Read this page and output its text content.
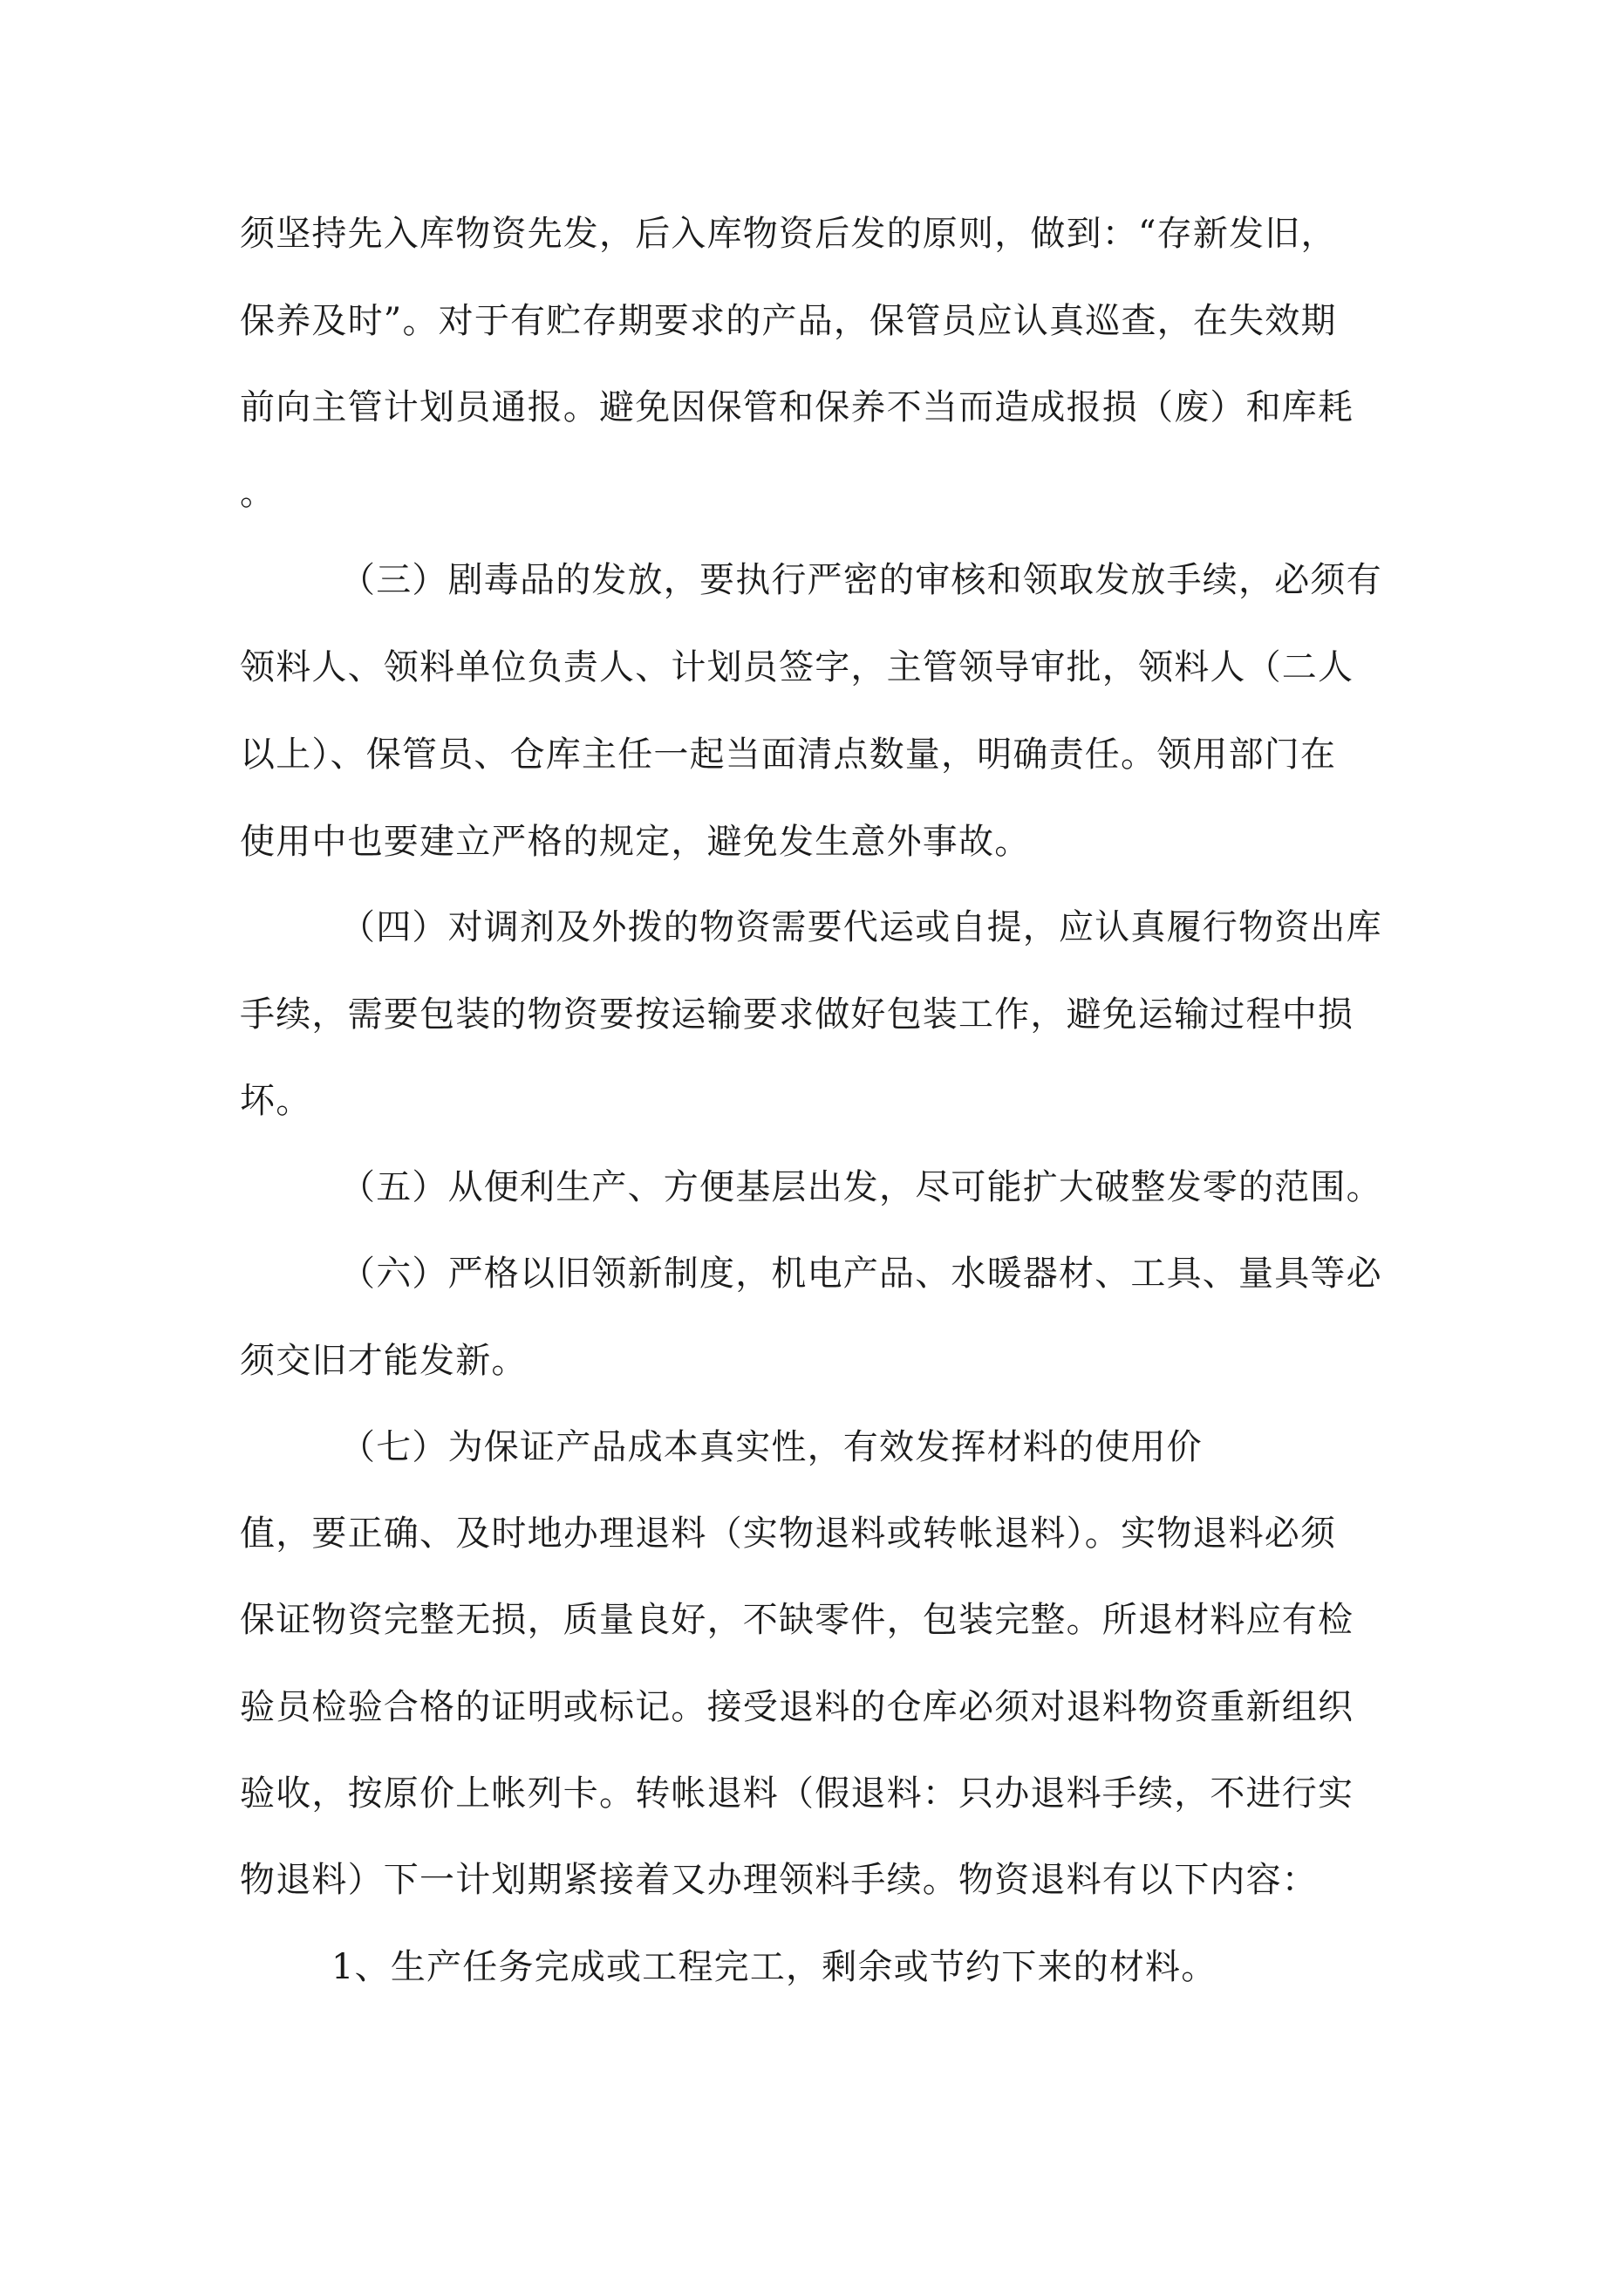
须坚持先入库物资先发，后入库物资后发的原则，做到：“存新发旧，
保养及时”。对于有贮存期要求的产品，保管员应认真巡查，在失效期
前向主管计划员通报。避免因保管和保养不当而造成报损（废）和库耗
。
（三）剧毒品的发放，要执行严密的审核和领取发放手续，必须有
领料人、领料单位负责人、计划员签字，主管领导审批，领料人（二人
以上）、保管员、仓库主任一起当面清点数量，明确责任。领用部门在
使用中也要建立严格的规定，避免发生意外事故。
（四）对调剂及外拨的物资需要代运或自提，应认真履行物资出库
手续，需要包装的物资要按运输要求做好包装工作，避免运输过程中损
坏。
（五）从便利生产、方便基层出发，尽可能扩大破整发零的范围。
（六）严格以旧领新制度，机电产品、水暖器材、工具、量具等必
须交旧才能发新。
（七）为保证产品成本真实性，有效发挥材料的使用价
值，要正确、及时地办理退料（实物退料或转帐退料）。实物退料必须
保证物资完整无损，质量良好，不缺零件，包装完整。所退材料应有检
验员检验合格的证明或标记。接受退料的仓库必须对退料物资重新组织
验收，按原价上帐列卡。转帐退料（假退料：只办退料手续，不进行实
物退料）下一计划期紧接着又办理领料手续。物资退料有以下内容：
1、生产任务完成或工程完工，剩余或节约下来的材料。
